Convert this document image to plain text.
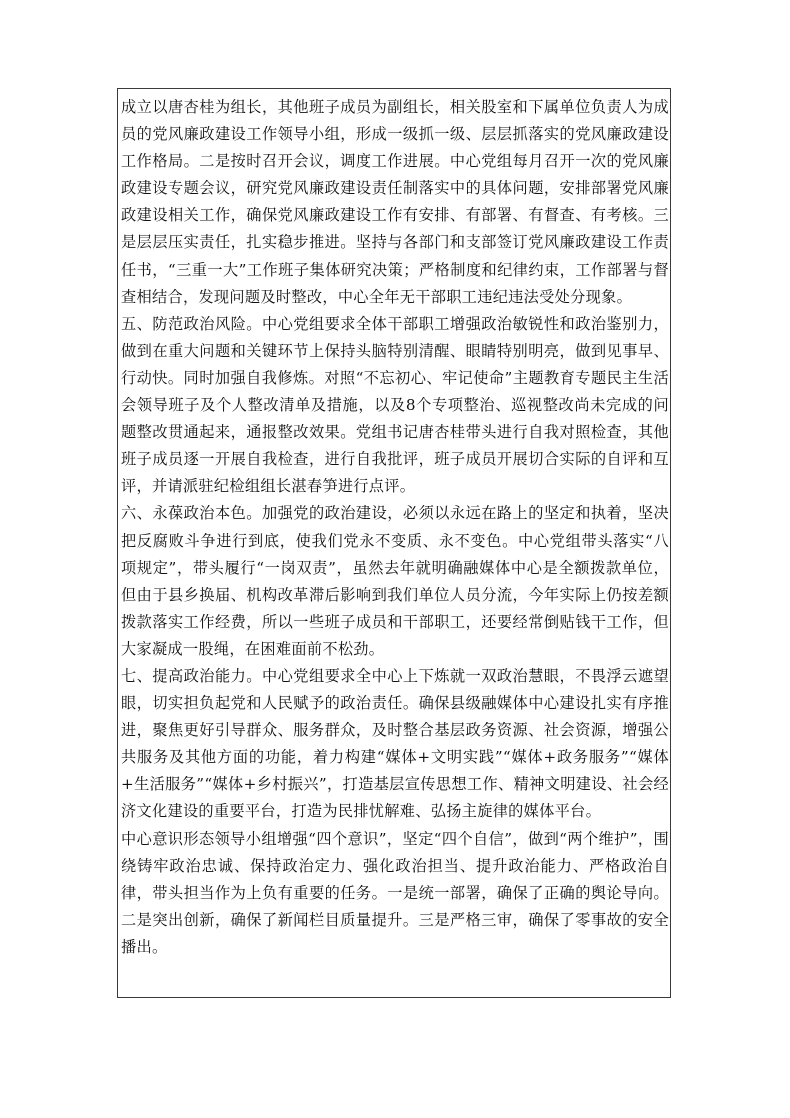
成立以唐杏桂为组长，其他班子成员为副组长，相关股室和下属单位负责人为成员的党风廉政建设工作领导小组，形成一级抓一级、层层抓落实的党风廉政建设工作格局。二是按时召开会议，调度工作进展。中心党组每月召开一次的党风廉政建设专题会议，研究党风廉政建设责任制落实中的具体问题，安排部署党风廉政建设相关工作，确保党风廉政建设工作有安排、有部署、有督查、有考核。三是层层压实责任，扎实稳步推进。坚持与各部门和支部签订党风廉政建设工作责任书，“三重一大”工作班子集体研究决策；严格制度和纪律约束，工作部署与督查相结合，发现问题及时整改，中心全年无干部职工违纪违法受处分现象。

五、防范政治风险。中心党组要求全体干部职工增强政治敏锐性和政治鉴别力，做到在重大问题和关键环节上保持头脑特别清醒、眼睛特别明亮，做到见事早、行动快。同时加强自我修炼。对照“不忘初心、牢记使命”主题教育专题民主生活会领导班子及个人整改清单及措施，以及8个专项整治、巡视整改尚未完成的问题整改贯通起来，通报整改效果。党组书记唐杏桂带头进行自我对照检查，其他班子成员逐一开展自我检查，进行自我批评，班子成员开展切合实际的自评和互评，并请派驻纪检组组长湛春笋进行点评。

六、永葆政治本色。加强党的政治建设，必须以永远在路上的坚定和执着，坚决把反腐败斗争进行到底，使我们党永不变质、永不变色。中心党组带头落实“八项规定”，带头履行“一岗双责”，虽然去年就明确融媒体中心是全额拨款单位，但由于县乡换届、机构改革滞后影响到我们单位人员分流，今年实际上仍按差额拨款落实工作经费，所以一些班子成员和干部职工，还要经常倒贴钱干工作，但大家凝成一股绳，在困难面前不松劲。

七、提高政治能力。中心党组要求全中心上下炼就一双政治慧眼，不畏浮云遮望眼，切实担负起党和人民赋予的政治责任。确保县级融媒体中心建设扎实有序推进，聚焦更好引导群众、服务群众，及时整合基层政务资源、社会资源，增强公共服务及其他方面的功能，着力构建“媒体+文明实践”“媒体+政务服务”“媒体+生活服务”“媒体+乡村振兴”，打造基层宣传思想工作、精神文明建设、社会经济文化建设的重要平台，打造为民排忧解难、弘扬主旋律的媒体平台。

中心意识形态领导小组增强“四个意识”，坚定“四个自信”，做到“两个维护”，围绕铸牢政治忠诚、保持政治定力、强化政治担当、提升政治能力、严格政治自律，带头担当作为上负有重要的任务。一是统一部署，确保了正确的舆论导向。二是突出创新，确保了新闻栏目质量提升。三是严格三审，确保了零事故的安全播出。
